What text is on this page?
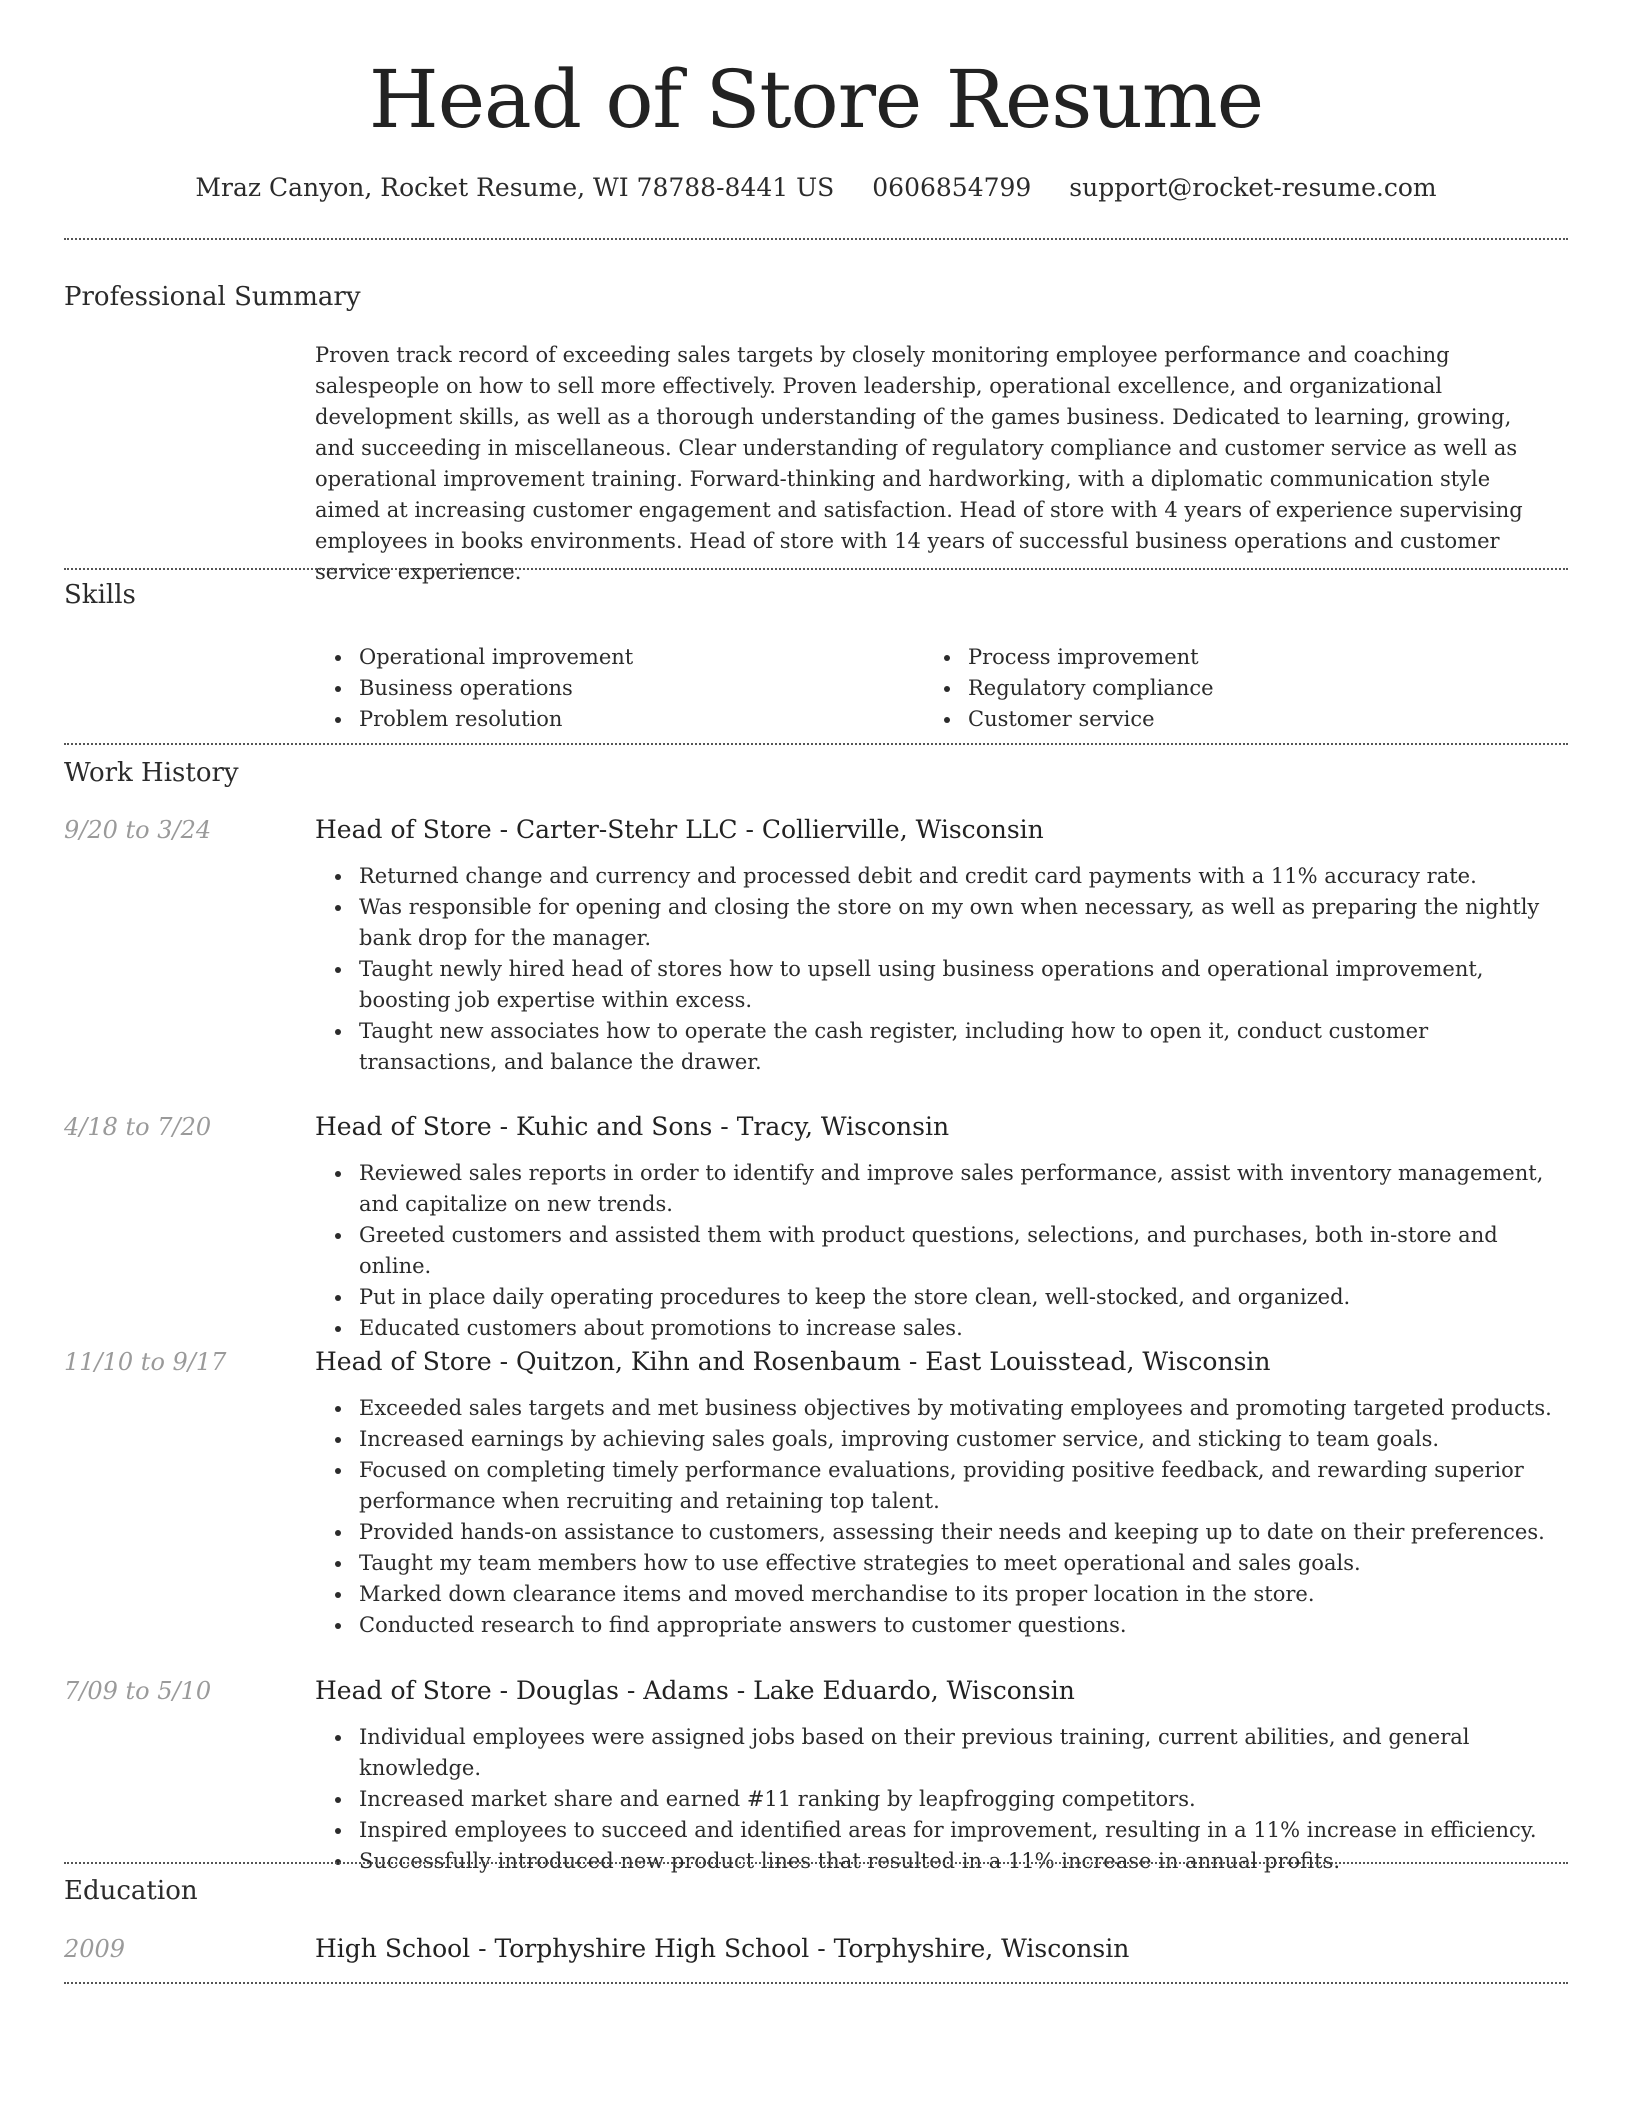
Head of Store Resume
Mraz Canyon, Rocket Resume, WI 78788-8441 US 0606854799 support@rocket-resume.com
Professional Summary

Proven track record of exceeding sales targets by closely monitoring employee performance and coaching salespeople on how to sell more effectively. Proven leadership, operational excellence, and organizational development skills, as well as a thorough understanding of the games business. Dedicated to learning, growing, and succeeding in miscellaneous. Clear understanding of regulatory compliance and customer service as well as operational improvement training. Forward-thinking and hardworking, with a diplomatic communication style aimed at increasing customer engagement and satisfaction. Head of store with 4 years of experience supervising employees in books environments. Head of store with 14 years of successful business operations and customer service experience.

Skills
Operational improvement
Business operations
Problem resolution
Process improvement
Regulatory compliance
Customer service
Work History
9/20 to 3/24	Head of Store - Carter-Stehr LLC - Collierville, Wisconsin
Returned change and currency and processed debit and credit card payments with a 11% accuracy rate.
Was responsible for opening and closing the store on my own when necessary, as well as preparing the nightly bank drop for the manager.
Taught newly hired head of stores how to upsell using business operations and operational improvement, boosting job expertise within excess.
Taught new associates how to operate the cash register, including how to open it, conduct customer transactions, and balance the drawer.
4/18 to 7/20	Head of Store - Kuhic and Sons - Tracy, Wisconsin
Reviewed sales reports in order to identify and improve sales performance, assist with inventory management, and capitalize on new trends.
Greeted customers and assisted them with product questions, selections, and purchases, both in-store and online.
Put in place daily operating procedures to keep the store clean, well-stocked, and organized.
Educated customers about promotions to increase sales.
11/10 to 9/17	Head of Store - Quitzon, Kihn and Rosenbaum - East Louisstead, Wisconsin
Exceeded sales targets and met business objectives by motivating employees and promoting targeted products.
Increased earnings by achieving sales goals, improving customer service, and sticking to team goals.
Focused on completing timely performance evaluations, providing positive feedback, and rewarding superior performance when recruiting and retaining top talent.
Provided hands-on assistance to customers, assessing their needs and keeping up to date on their preferences.
Taught my team members how to use effective strategies to meet operational and sales goals.
Marked down clearance items and moved merchandise to its proper location in the store.
Conducted research to find appropriate answers to customer questions.
7/09 to 5/10	Head of Store - Douglas - Adams - Lake Eduardo, Wisconsin
Individual employees were assigned jobs based on their previous training, current abilities, and general knowledge.
Increased market share and earned #11 ranking by leapfrogging competitors.
Inspired employees to succeed and identified areas for improvement, resulting in a 11% increase in efficiency.
Successfully introduced new product lines that resulted in a 11% increase in annual profits.
Education
2009	High School - Torphyshire High School - Torphyshire, Wisconsin
